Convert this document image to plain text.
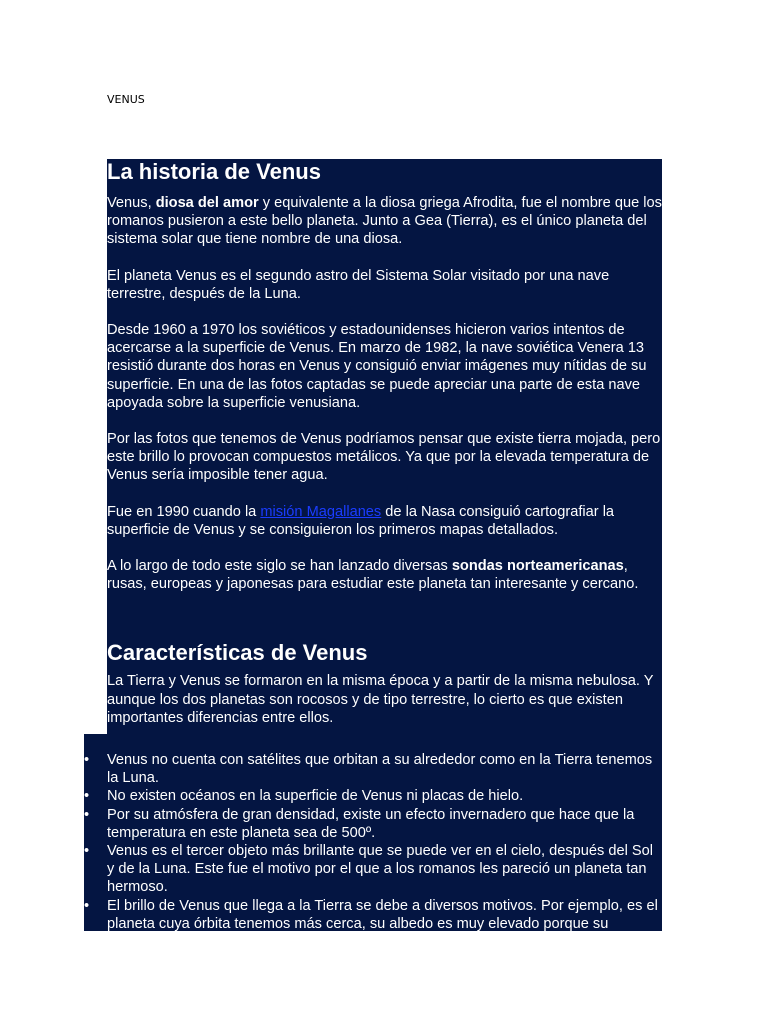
VENUS
La historia de Venus

Venus, diosa del amor y equivalente a la diosa griega Afrodita, fue el nombre que los romanos pusieron a este bello planeta. Junto a Gea (Tierra), es el único planeta del sistema solar que tiene nombre de una diosa.

El planeta Venus es el segundo astro del Sistema Solar visitado por una nave terrestre, después de la Luna.

Desde 1960 a 1970 los soviéticos y estadounidenses hicieron varios intentos de acercarse a la superficie de Venus. En marzo de 1982, la nave soviética Venera 13 resistió durante dos horas en Venus y consiguió enviar imágenes muy nítidas de su superficie. En una de las fotos captadas se puede apreciar una parte de esta nave apoyada sobre la superficie venusiana.

Por las fotos que tenemos de Venus podríamos pensar que existe tierra mojada, pero este brillo lo provocan compuestos metálicos. Ya que por la elevada temperatura de Venus sería imposible tener agua.

Fue en 1990 cuando la misión Magallanes de la Nasa consiguió cartografiar la superficie de Venus y se consiguieron los primeros mapas detallados.

A lo largo de todo este siglo se han lanzado diversas sondas norteamericanas, rusas, europeas y japonesas para estudiar este planeta tan interesante y cercano.

Características de Venus

La Tierra y Venus se formaron en la misma época y a partir de la misma nebulosa. Y aunque los dos planetas son rocosos y de tipo terrestre, lo cierto es que existen importantes diferencias entre ellos.

• Venus no cuenta con satélites que orbitan a su alrededor como en la Tierra tenemos la Luna.
• No existen océanos en la superficie de Venus ni placas de hielo.
• Por su atmósfera de gran densidad, existe un efecto invernadero que hace que la temperatura en este planeta sea de 500º.
• Venus es el tercer objeto más brillante que se puede ver en el cielo, después del Sol y de la Luna. Este fue el motivo por el que a los romanos les pareció un planeta tan hermoso.
• El brillo de Venus que llega a la Tierra se debe a diversos motivos. Por ejemplo, es el planeta cuya órbita tenemos más cerca, su albedo es muy elevado porque su
